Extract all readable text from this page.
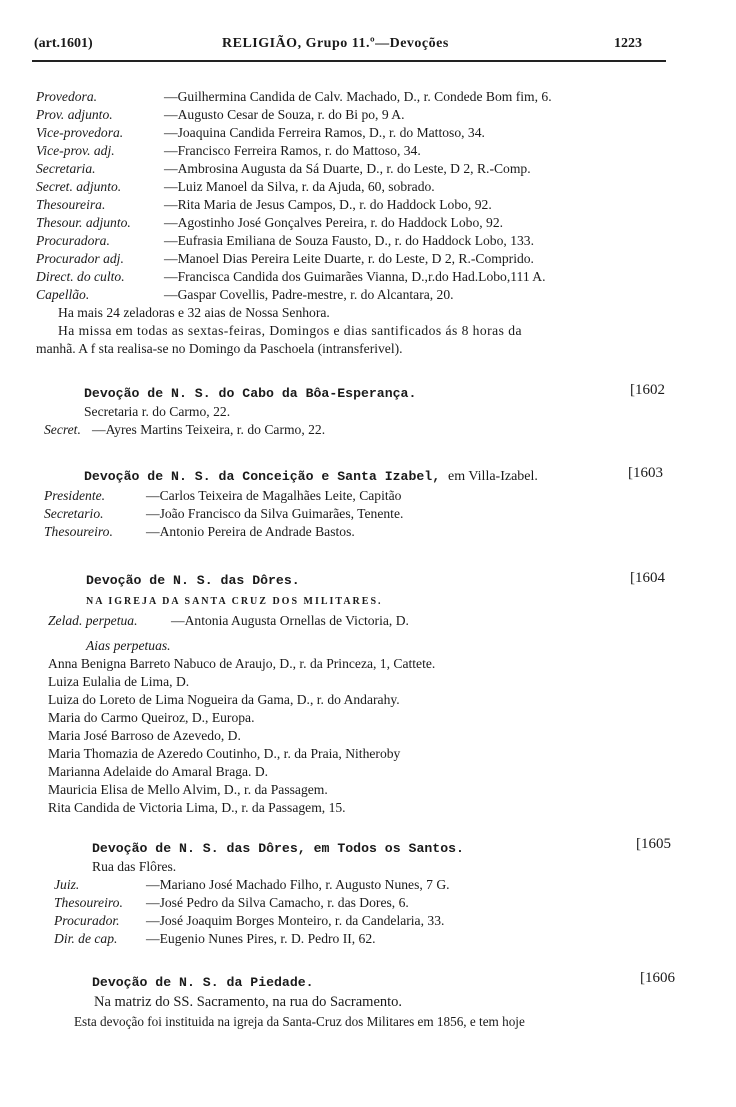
(art.1601)	RELIGIÃO, Grupo 11.º—Devoções	1223
Provedora.	—Guilhermina Candida de Calv. Machado, D., r. Condede Bom fim, 6.
Prov. adjunto.	—Augusto Cesar de Souza, r. do Bi po, 9 A.
Vice-provedora.	—Joaquina Candida Ferreira Ramos, D., r. do Mattoso, 34.
Vice-prov. adj.	—Francisco Ferreira Ramos, r. do Mattoso, 34.
Secretaria.	—Ambrosina Augusta da Sá Duarte, D., r. do Leste, D 2, R.-Comp.
Secret. adjunto.	—Luiz Manoel da Silva, r. da Ajuda, 60, sobrado.
Thesoureira.	—Rita Maria de Jesus Campos, D., r. do Haddock Lobo, 92.
Thesour. adjunto. —Agostinho José Gonçalves Pereira, r. do Haddock Lobo, 92.
Procuradora.	—Eufrasia Emiliana de Souza Fausto, D., r. do Haddock Lobo, 133.
Procurador adj.	—Manoel Dias Pereira Leite Duarte, r. do Leste, D 2, R.-Comprido.
Direct. do culto.	—Francisca Candida dos Guimarães Vianna, D.,r.do Had.Lobo,111 A.
Capellão.	—Gaspar Covellis, Padre-mestre, r. do Alcantara, 20.
Ha mais 24 zeladoras e 32 aias de Nossa Senhora.
Ha missa em todas as sextas-feiras, Domingos e dias santificados ás 8 horas da
manhã. A f sta realisa-se no Domingo da Paschoela (intransferivel).
Devoção de N. S. do Cabo da Bôa-Esperança.	[1602
Secretaria r. do Carmo, 22.
Secret. —Ayres Martins Teixeira, r. do Carmo, 22.
Devoção de N. S. da Conceição e Santa Izabel, em Villa-Izabel.	[1603
Presidente.	—Carlos Teixeira de Magalhães Leite, Capitão
Secretario.	—João Francisco da Silva Guimarães, Tenente.
Thesoureiro. —Antonio Pereira de Andrade Bastos.
Devoção de N. S. das Dôres.	[1604
NA IGREJA DA SANTA CRUZ DOS MILITARES.
Zelad. perpetua. —Antonia Augusta Ornellas de Victoria, D.
Aias perpetuas.
Anna Benigna Barreto Nabuco de Araujo, D., r. da Princeza, 1, Cattete.
Luiza Eulalia de Lima, D.
Luiza do Loreto de Lima Nogueira da Gama, D., r. do Andarahy.
Maria do Carmo Queiroz, D., Europa.
Maria José Barroso de Azevedo, D.
Maria Thomazia de Azeredo Coutinho, D., r. da Praia, Nitheroby
Marianna Adelaide do Amaral Braga. D.
Mauricia Elisa de Mello Alvim, D., r. da Passagem.
Rita Candida de Victoria Lima, D., r. da Passagem, 15.
Devoção de N. S. das Dôres, em Todos os Santos.	[1605
Rua das Flôres.
Juiz.	—Mariano José Machado Filho, r. Augusto Nunes, 7 G.
Thesoureiro. —José Pedro da Silva Camacho, r. das Dores, 6.
Procurador. —José Joaquim Borges Monteiro, r. da Candelaria, 33.
Dir. de cap. —Eugenio Nunes Pires, r. D. Pedro II, 62.
Devoção de N. S. da Piedade.	[1606
Na matriz do SS. Sacramento, na rua do Sacramento.
Esta devoção foi instituida na igreja da Santa-Cruz dos Militares em 1856, e tem hoje
